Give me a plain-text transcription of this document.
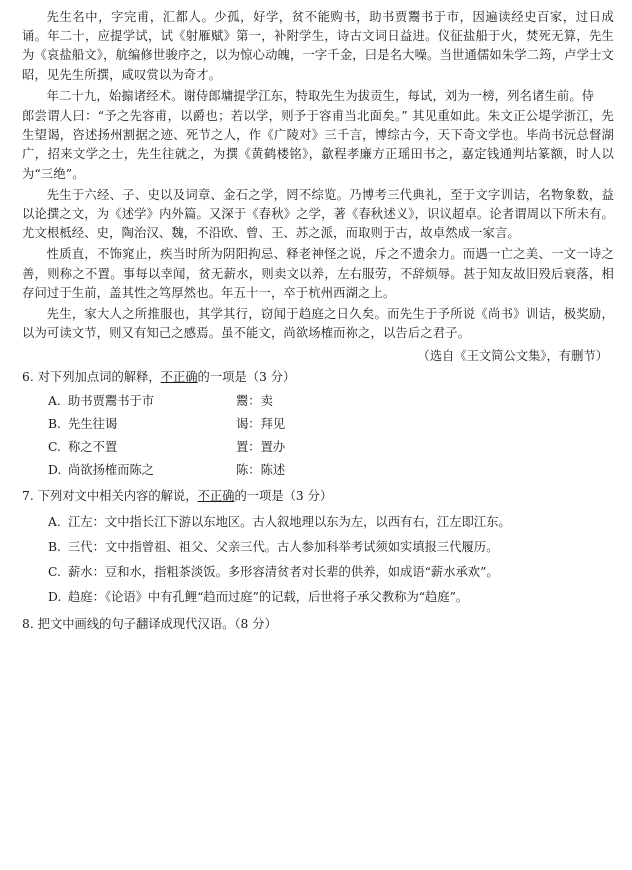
先生名中，字完甫，汇都人。少孤，好学，贫不能购书，助书贾鬻书于市，因遍读经史百家，过日成诵。年二十，应提学试，试《射雁赋》第一，补附学生，诗古文词日益进。仪征盐船于火，焚死无算，先生为《哀盐船文》，航编修世骏序之，以为惊心动魄，一字千金，曰是名大噪。当世通儒如朱学二筠，卢学士文昭，见先生所撰，咸叹赏以为奇才。

年二十九，始搧诸经术。谢侍郎墉提学江东，特取先生为拔贡生，每试，刘为一榜，列名诸生前。侍

郎尝谓人曰：“予之先容甫，以爵也；若以学，则予于容甫当北面矣。” 其见重如此。朱文正公堤学浙江，先生望谒，咨述扬州割据之迹、死节之人，作《广陵对》三千言，博综古今，天下奇文学也。毕尚书沅总督湖广，招来文学之士，先生往就之，为撰《黄鹤楼铭》，歙程孝廉方正瑶田书之，嘉定钱通判坫篆额，时人以为“三绝”。

先生于六经、子、史以及词章、金石之学，罔不综览。乃博考三代典礼，至于文字训诘，名物象数，益以论撰之文，为《述学》内外篇。又深于《春秋》之学，著《春秋述义》，识议超卓。论者谓周以下所未有。尤文根柢经、史，陶治汉、魏，不沿欧、曾、王、苏之派，而取则于古，故卓然成一家言。

性质直，不饰窕止，疾当时所为阴阳拘忌、释老神怪之说，斥之不遗余力。而遇一亡之美、一文一诗之善，则称之不置。事每以幸闻，贫无薪水，则卖文以养，左右服劳，不辞烦辱。甚于知友故旧殁后衰落，相存问过于生前，盖其性之笃厚然也。年五十一，卒于杭州西湖之上。

先生，家大人之所推服也，其学其行，窃闻于趋庭之日久矣。而先生于予所说《尚书》训诘，极奖励，以为可读文节，则又有知己之感焉。虽不能文，尚欲场榷而祢之，以告后之君子。

（选自《王文简公文集》，有删节）
6. 对下列加点词的解释，不正确的一项是（3 分）
A. 助书贾鬻书于市	鬻：卖
B. 先生往谒	谒：拜见
C. 称之不置	置：置办
D. 尚欲扬榷而陈之	陈：陈述
7. 下列对文中相关内容的解说，不正确的一项是（3 分）
A. 江左：文中指长江下游以东地区。古人叙地理以东为左，以西有右，江左即江东。
B. 三代：文中指曾祖、祖父、父亲三代。古人参加科举考试须如实填报三代履历。
C. 薪水：豆和水，指粗茶淡饭。多形容清贫者对长辈的供养，如成语“薪水承欢”。
D. 趋庭：《论语》中有孔鲤“趋而过庭”的记载，后世将子承父教称为“趋庭”。
8. 把文中画线的句子翻译成现代汉语。（8 分）
